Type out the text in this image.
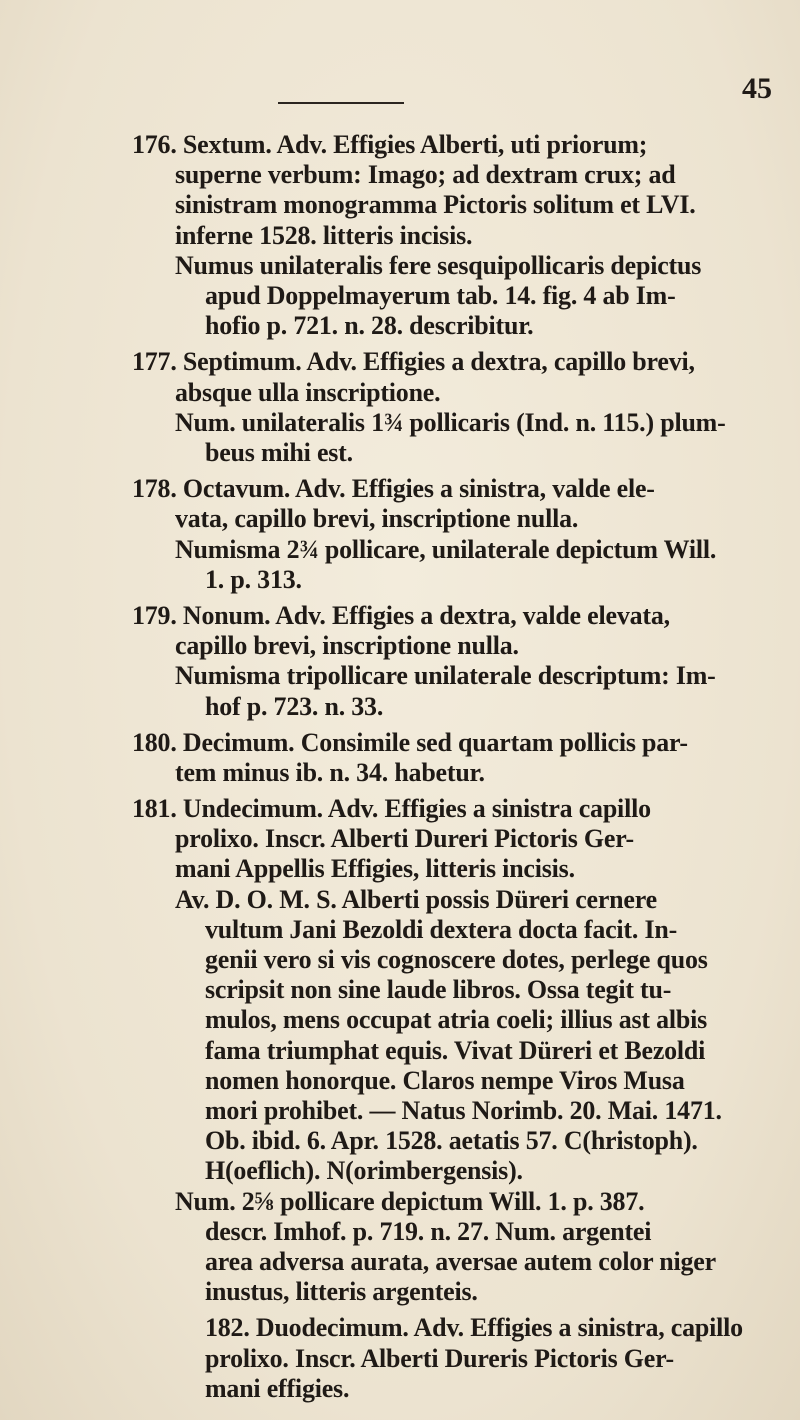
45
176. Sextum. Adv. Effigies Alberti, uti priorum;
superne verbum: Imago; ad dextram crux; ad
sinistram monogramma Pictoris solitum et LVI.
inferne 1528. litteris incisis.
Numus unilateralis fere sesquipollicaris depictus
apud Doppelmayerum tab. 14. fig. 4 ab Im-
hofio p. 721. n. 28. describitur.
177. Septimum. Adv. Effigies a dextra, capillo brevi,
absque ulla inscriptione.
Num. unilateralis 1¾ pollicaris (Ind. n. 115.) plum-
beus mihi est.
178. Octavum. Adv. Effigies a sinistra, valde ele-
vata, capillo brevi, inscriptione nulla.
Numisma 2¾ pollicare, unilaterale depictum Will.
1. p. 313.
179. Nonum. Adv. Effigies a dextra, valde elevata,
capillo brevi, inscriptione nulla.
Numisma tripollicare unilaterale descriptum: Im-
hof p. 723. n. 33.
180. Decimum. Consimile sed quartam pollicis par-
tem minus ib. n. 34. habetur.
181. Undecimum. Adv. Effigies a sinistra capillo
prolixo. Inscr. Alberti Dureri Pictoris Ger-
mani Appellis Effigies, litteris incisis.
Av. D. O. M. S. Alberti possis Düreri cernere
vultum Jani Bezoldi dextera docta facit. In-
genii vero si vis cognoscere dotes, perlege quos
scripsit non sine laude libros. Ossa tegit tu-
mulos, mens occupat atria coeli; illius ast albis
fama triumphat equis. Vivat Düreri et Bezoldi
nomen honorque. Claros nempe Viros Musa
mori prohibet. — Natus Norimb. 20. Mai. 1471.
Ob. ibid. 6. Apr. 1528. aetatis 57. C(hristoph).
H(oeflich). N(orimbergensis).
Num. 2⅝ pollicare depictum Will. 1. p. 387.
descr. Imhof. p. 719. n. 27. Num. argentei
area adversa aurata, aversae autem color niger
inustus, litteris argenteis.
182. Duodecimum. Adv. Effigies a sinistra, capillo
prolixo. Inscr. Alberti Dureris Pictoris Ger-
mani effigies.
